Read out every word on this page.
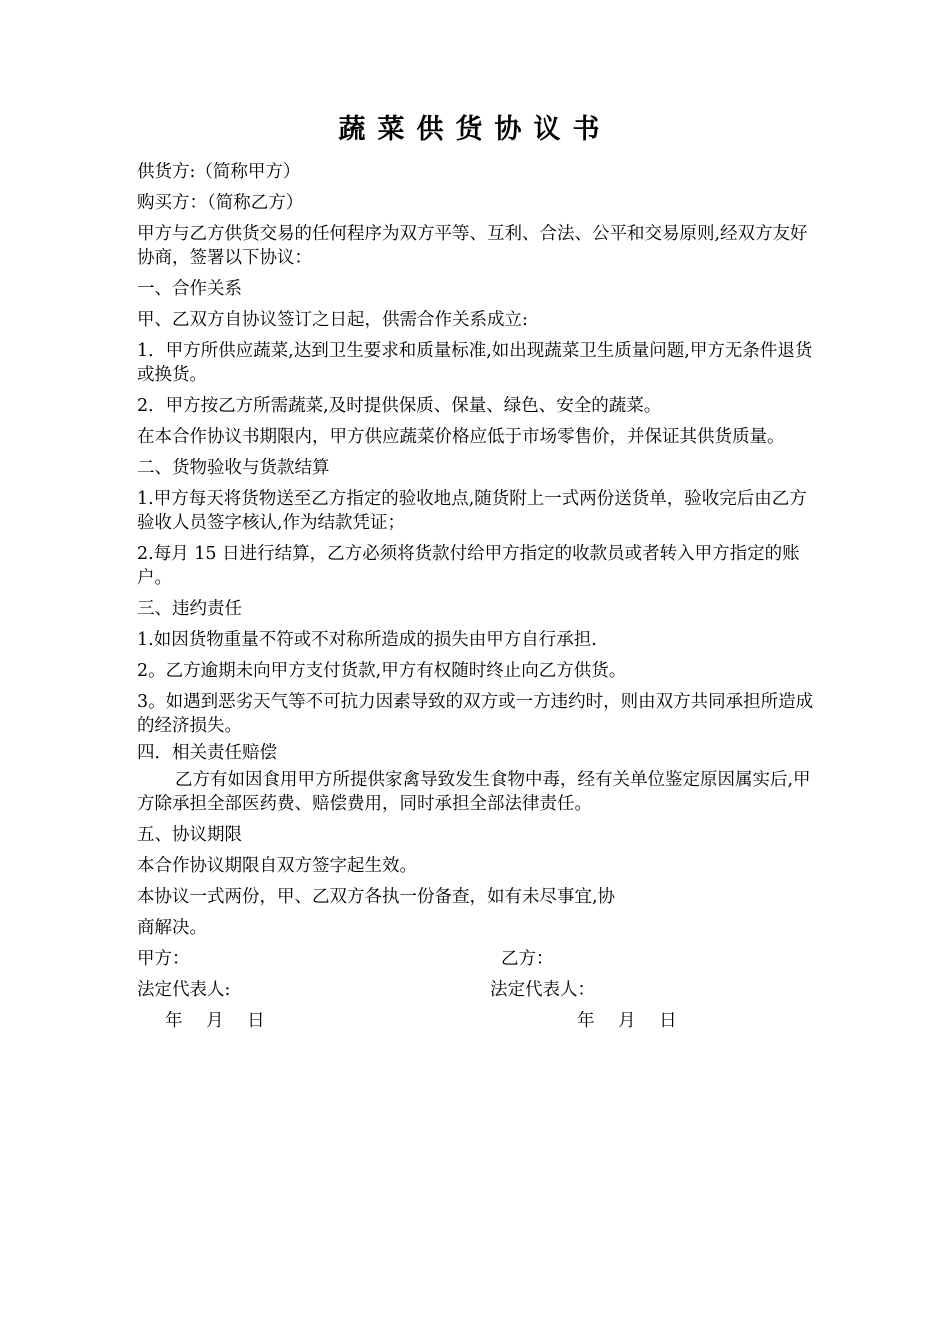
蔬菜供货协议书
供货方:（简称甲方）
购买方：（简称乙方）
甲方与乙方供货交易的任何程序为双方平等、互利、合法、公平和交易原则,经双方友好协商，签署以下协议：
一、合作关系
甲、乙双方自协议签订之日起，供需合作关系成立:
1．甲方所供应蔬菜,达到卫生要求和质量标准,如出现蔬菜卫生质量问题,甲方无条件退货或换货。
2．甲方按乙方所需蔬菜,及时提供保质、保量、绿色、安全的蔬菜。
在本合作协议书期限内，甲方供应蔬菜价格应低于市场零售价，并保证其供货质量。
二、货物验收与货款结算
1.甲方每天将货物送至乙方指定的验收地点,随货附上一式两份送货单，验收完后由乙方验收人员签字核认,作为结款凭证；
2.每月 15 日进行结算，乙方必须将货款付给甲方指定的收款员或者转入甲方指定的账户。
三、违约责任
1.如因货物重量不符或不对称所造成的损失由甲方自行承担.
2。乙方逾期未向甲方支付货款,甲方有权随时终止向乙方供货。
3。如遇到恶劣天气等不可抗力因素导致的双方或一方违约时，则由双方共同承担所造成的经济损失。
四．相关责任赔偿
乙方有如因食用甲方所提供家禽导致发生食物中毒，经有关单位鉴定原因属实后,甲方除承担全部医药费、赔偿费用，同时承担全部法律责任。
五、协议期限
本合作协议期限自双方签字起生效。
本协议一式两份，甲、乙双方各执一份备查，如有未尽事宜,协
商解决。
甲方：	乙方：
法定代表人:	法定代表人：
年 月 日	年 月 日
